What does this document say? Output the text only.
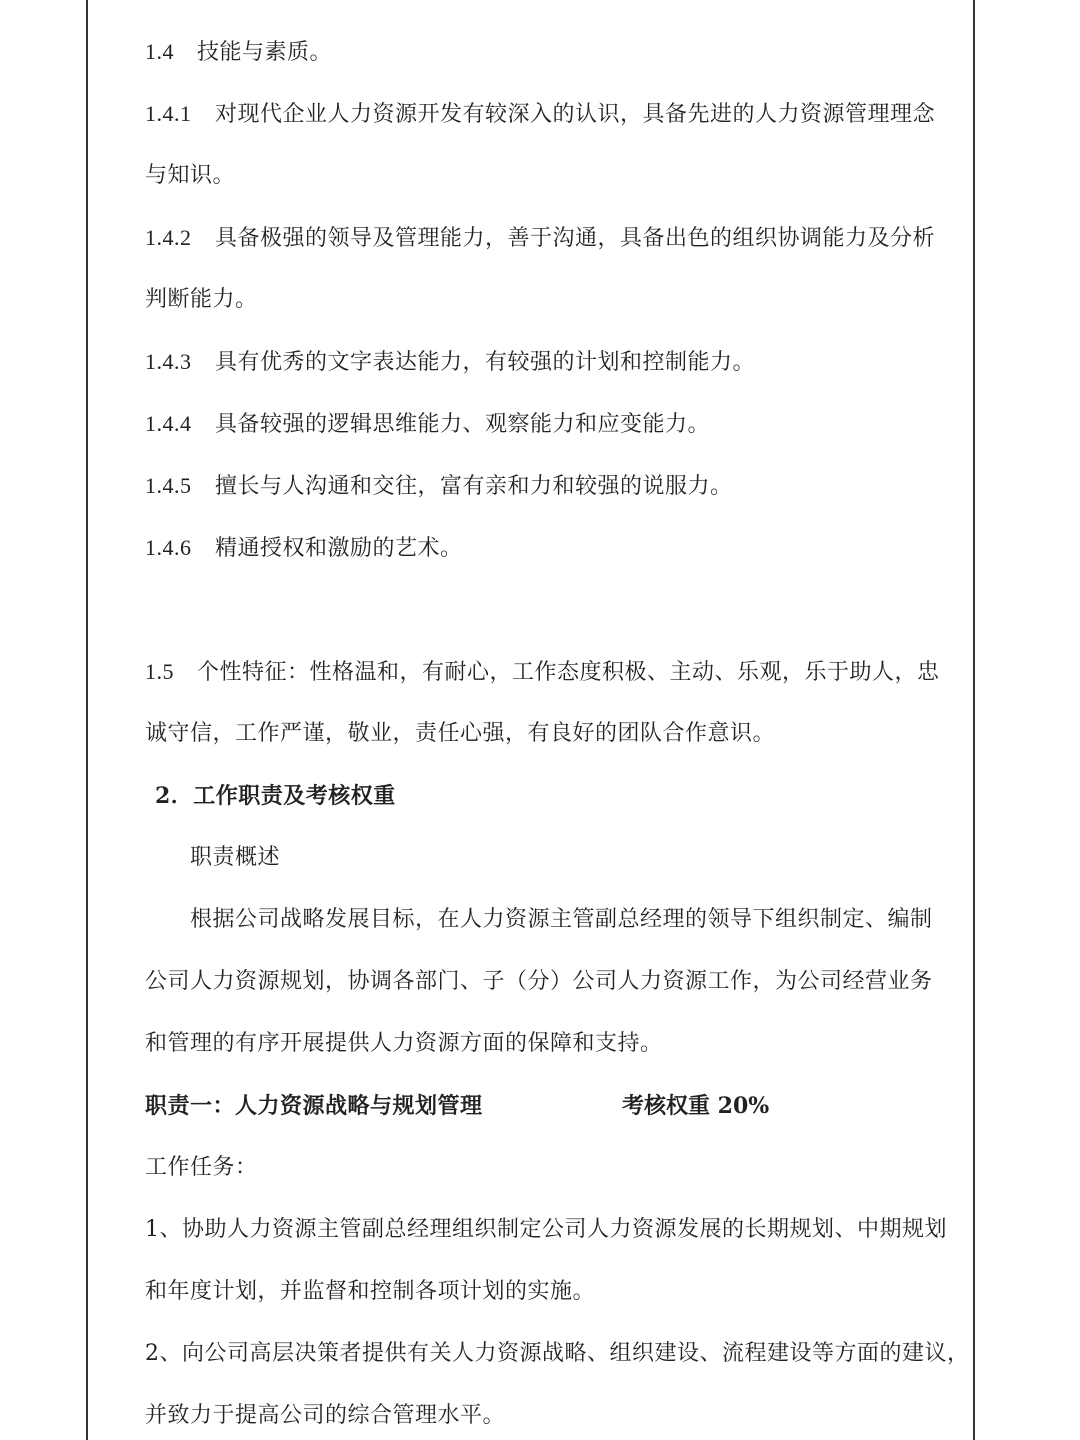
1.4 技能与素质。
1.4.1 对现代企业人力资源开发有较深入的认识，具备先进的人力资源管理理念
与知识。
1.4.2 具备极强的领导及管理能力，善于沟通，具备出色的组织协调能力及分析
判断能力。
1.4.3 具有优秀的文字表达能力，有较强的计划和控制能力。
1.4.4 具备较强的逻辑思维能力、观察能力和应变能力。
1.4.5 擅长与人沟通和交往，富有亲和力和较强的说服力。
1.4.6 精通授权和激励的艺术。
1.5 个性特征：性格温和，有耐心，工作态度积极、主动、乐观，乐于助人，忠
诚守信，工作严谨，敬业，责任心强，有良好的团队合作意识。
2．工作职责及考核权重
职责概述
根据公司战略发展目标，在人力资源主管副总经理的领导下组织制定、编制
公司人力资源规划，协调各部门、子（分）公司人力资源工作，为公司经营业务
和管理的有序开展提供人力资源方面的保障和支持。
职责一：人力资源战略与规划管理	考核权重 20%
工作任务：
1、协助人力资源主管副总经理组织制定公司人力资源发展的长期规划、中期规划
和年度计划，并监督和控制各项计划的实施。
2、向公司高层决策者提供有关人力资源战略、组织建设、流程建设等方面的建议，
并致力于提高公司的综合管理水平。
